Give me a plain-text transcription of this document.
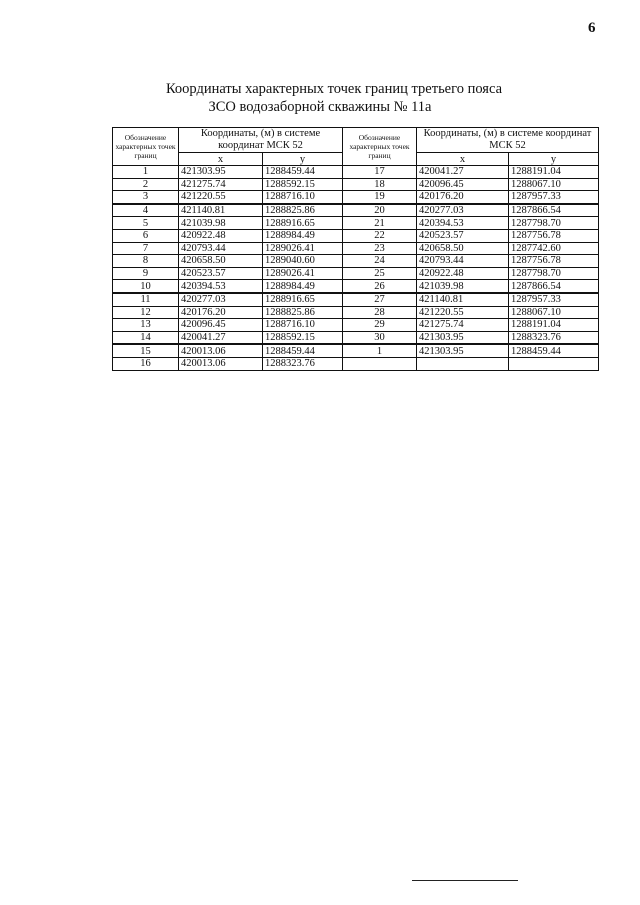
6
Координаты характерных точек границ третьего пояса
ЗСО водозаборной скважины № 11а
Обозначение характерных точек границ	Координаты, (м) в системе координат МСК 52		Обозначение характерных точек границ	Координаты, (м) в системе координат МСК 52	
	x	y		x	y
1	421303.95	1288459.44	17	420041.27	1288191.04
2	421275.74	1288592.15	18	420096.45	1288067.10
3	421220.55	1288716.10	19	420176.20	1287957.33
4	421140.81	1288825.86	20	420277.03	1287866.54
5	421039.98	1288916.65	21	420394.53	1287798.70
6	420922.48	1288984.49	22	420523.57	1287756.78
7	420793.44	1289026.41	23	420658.50	1287742.60
8	420658.50	1289040.60	24	420793.44	1287756.78
9	420523.57	1289026.41	25	420922.48	1287798.70
10	420394.53	1288984.49	26	421039.98	1287866.54
11	420277.03	1288916.65	27	421140.81	1287957.33
12	420176.20	1288825.86	28	421220.55	1288067.10
13	420096.45	1288716.10	29	421275.74	1288191.04
14	420041.27	1288592.15	30	421303.95	1288323.76
15	420013.06	1288459.44	1	421303.95	1288459.44
16	420013.06	1288323.76			
